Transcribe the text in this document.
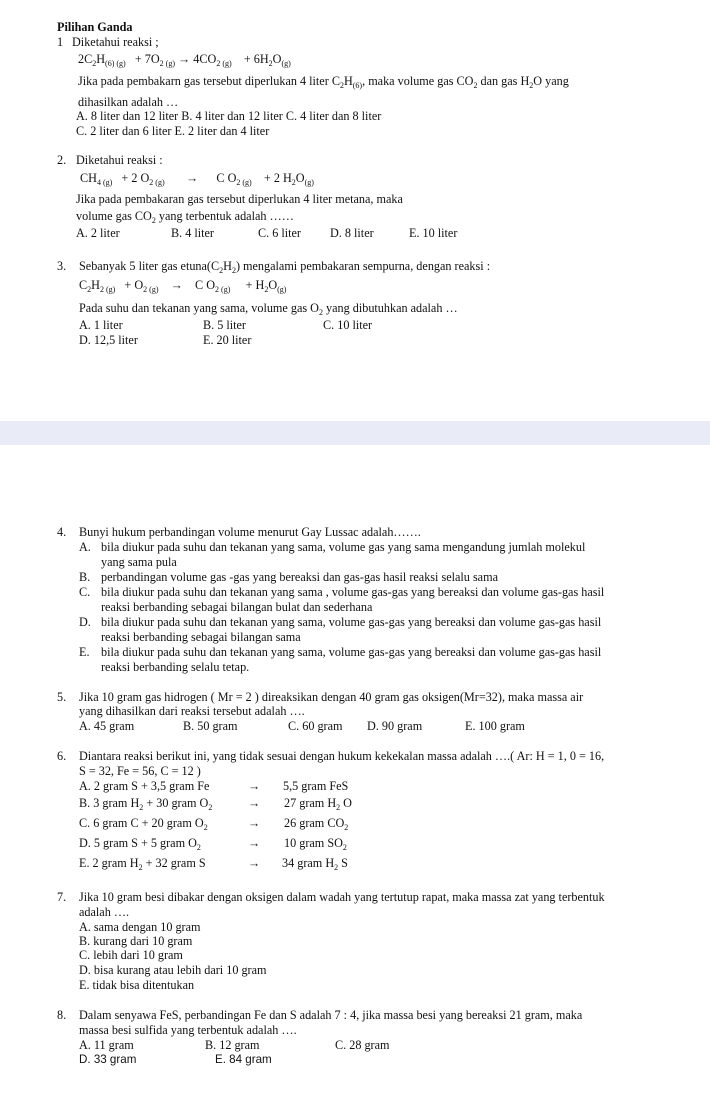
Pilihan Ganda
1 Diketahui reaksi ;
$2C_2H_{(6) (g)} + 7O_{2 (g)} \to 4CO_{2 (g)} + 6H_2O_{(g)}$
Jika pada pembakarn gas tersebut diperlukan 4 liter $C_2H_{(6)}$, maka volume gas $CO_2$ dan gas $H_2O$ yang
dihasilkan adalah …
A. 8 liter dan 12 liter B. 4 liter dan 12 liter C. 4 liter dan 8 liter
C. 2 liter dan 6 liter E. 2 liter dan 4 liter
2. Diketahui reaksi :
$CH_{4 (g)} + 2$ $O_{2 (g)} \to C$ $O_{2 (g)} + 2$ $H_2O_{(g)}$
Jika pada pembakaran gas tersebut diperlukan 4 liter metana, maka
volume gas $CO_2$ yang terbentuk adalah ……
A. 2 liter	B. 4 liter	C. 6 liter D. 8 liter	E. 10 liter
3. Sebanyak 5 liter gas $etuna(C_2H_2)$ mengalami pembakaran sempurna, dengan reaksi :
$C_2H_{2 (g)} + O_{2 (g)} \to C$ $O_{2 (g)} + H_2O_{(g)}$
Pada suhu dan tekanan yang sama, volume gas $O_2$ yang dibutuhkan adalah …
A. 1 liter	B. 5 liter	C. 10 liter
D. 12,5 liter	E. 20 liter
4. Bunyi hukum perbandingan volume menurut Gay Lussac adalah…….
A. bila diukur pada suhu dan tekanan yang sama, volume gas yang sama mengandung jumlah molekul
yang sama pula
B. perbandingan volume gas -gas yang bereaksi dan gas-gas hasil reaksi selalu sama
C. bila diukur pada suhu dan tekanan yang sama , volume gas-gas yang bereaksi dan volume gas-gas hasil
reaksi berbanding sebagai bilangan bulat dan sederhana
D. bila diukur pada suhu dan tekanan yang sama, volume gas-gas yang bereaksi dan volume gas-gas hasil
reaksi berbanding sebagai bilangan sama
E. bila diukur pada suhu dan tekanan yang sama, volume gas-gas yang bereaksi dan volume gas-gas hasil
reaksi berbanding selalu tetap.
5. Jika 10 gram gas hidrogen ( Mr = 2 ) direaksikan dengan 40 gram gas oksigen(Mr=32), maka massa air
yang dihasilkan dari reaksi tersebut adalah ….
A. 45 gram	B. 50 gram	C. 60 gram D. 90 gram	E. 100 gram
6. Diantara reaksi berikut ini, yang tidak sesuai dengan hukum kekekalan massa adalah ….( Ar: H = 1, 0 = 16,
S = 32, Fe = 56, C = 12 )
A. 2 gram S + 3,5 gram Fe	→ 5,5 gram FeS
B. 3 gram $H_2 + 30$ gram $O_2$	→ 27 gram $H_2$ O
C. 6 gram C + 20 gram $O_2$	→ 26 gram $CO_2$
D. 5 gram S + 5 gram $O_2$	→ 10 gram $SO_2$
E. 2 gram $H_2 + 32$ gram S	→ 34 gram $H_2$ S
7. Jika 10 gram besi dibakar dengan oksigen dalam wadah yang tertutup rapat, maka massa zat yang terbentuk
adalah ….
A. sama dengan 10 gram
B. kurang dari 10 gram
C. lebih dari 10 gram
D. bisa kurang atau lebih dari 10 gram
E. tidak bisa ditentukan
8. Dalam senyawa FeS, perbandingan Fe dan S adalah 7 : 4, jika massa besi yang bereaksi 21 gram, maka
massa besi sulfida yang terbentuk adalah ….
A. 11 gram	B. 12 gram	C. 28 gram
D. 33 gram	E. 84 gram
